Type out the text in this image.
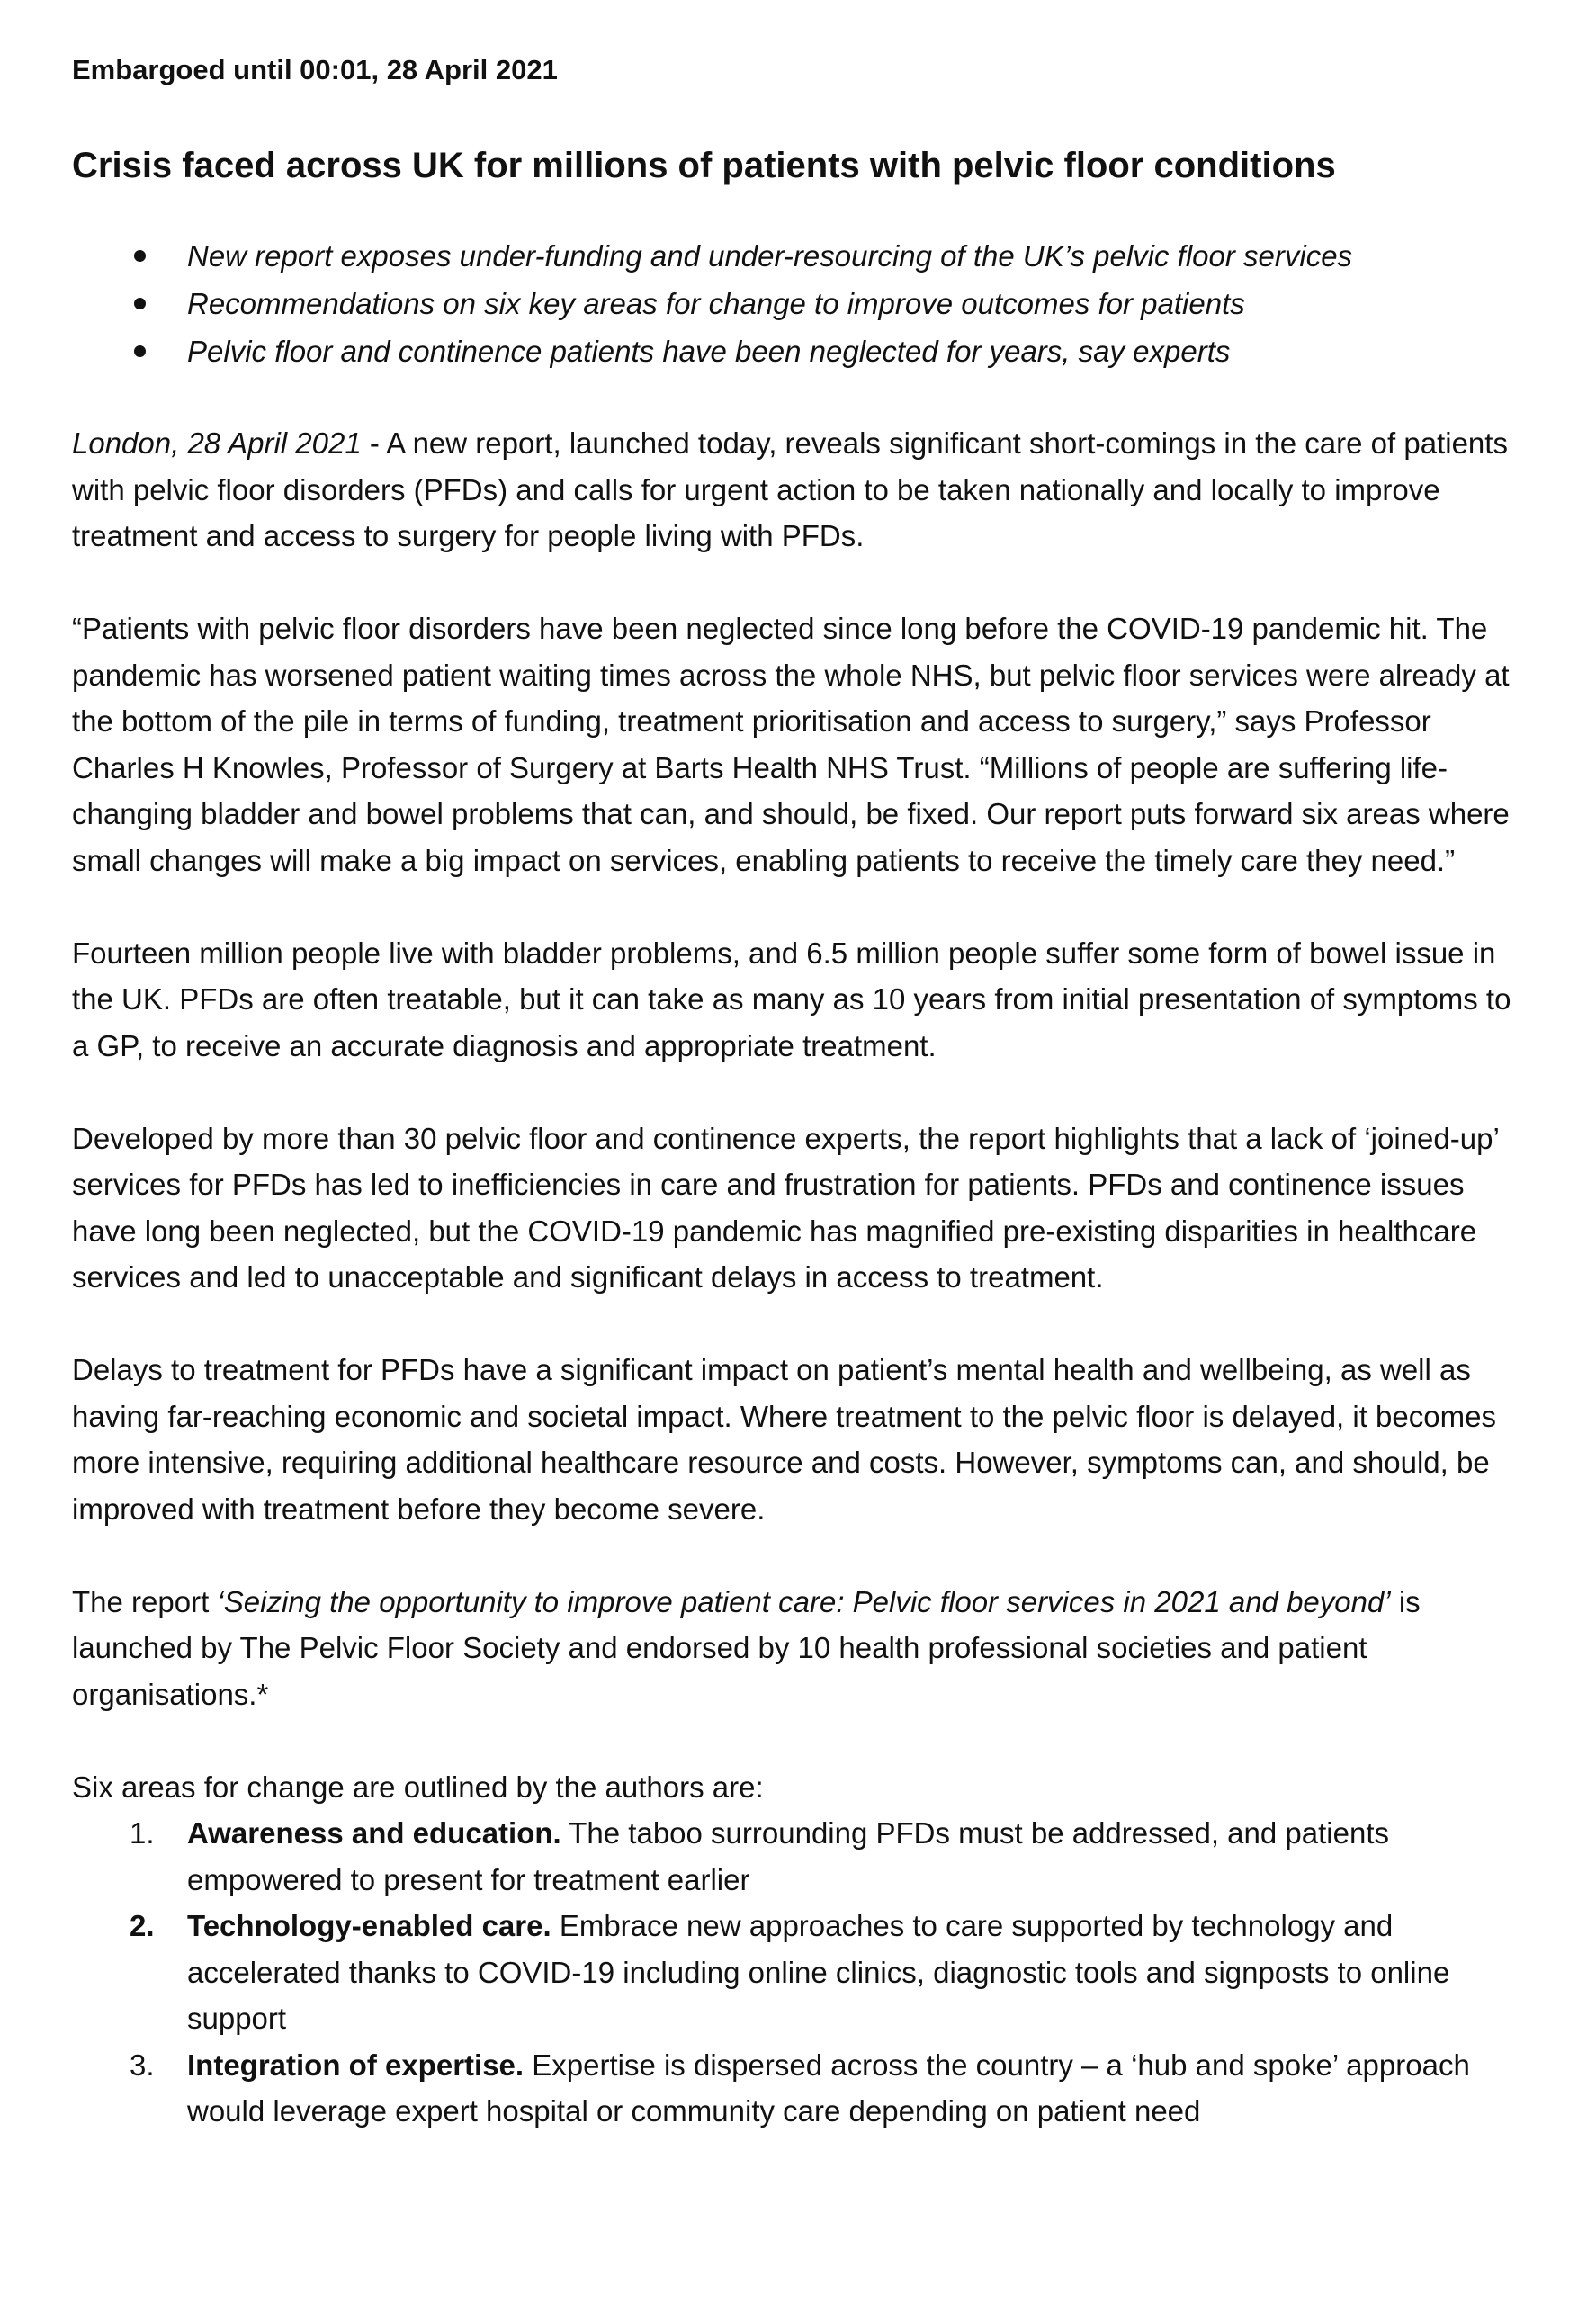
Embargoed until 00:01, 28 April 2021
Crisis faced across UK for millions of patients with pelvic floor conditions
New report exposes under-funding and under-resourcing of the UK’s pelvic floor services
Recommendations on six key areas for change to improve outcomes for patients
Pelvic floor and continence patients have been neglected for years, say experts

London, 28 April 2021 - A new report, launched today, reveals significant short-comings in the care of patients with pelvic floor disorders (PFDs) and calls for urgent action to be taken nationally and locally to improve treatment and access to surgery for people living with PFDs.

“Patients with pelvic floor disorders have been neglected since long before the COVID-19 pandemic hit. The pandemic has worsened patient waiting times across the whole NHS, but pelvic floor services were already at the bottom of the pile in terms of funding, treatment prioritisation and access to surgery,” says Professor Charles H Knowles, Professor of Surgery at Barts Health NHS Trust. “Millions of people are suffering life-changing bladder and bowel problems that can, and should, be fixed. Our report puts forward six areas where small changes will make a big impact on services, enabling patients to receive the timely care they need.”

Fourteen million people live with bladder problems, and 6.5 million people suffer some form of bowel issue in the UK. PFDs are often treatable, but it can take as many as 10 years from initial presentation of symptoms to a GP, to receive an accurate diagnosis and appropriate treatment.

Developed by more than 30 pelvic floor and continence experts, the report highlights that a lack of ‘joined-up’ services for PFDs has led to inefficiencies in care and frustration for patients. PFDs and continence issues have long been neglected, but the COVID-19 pandemic has magnified pre-existing disparities in healthcare services and led to unacceptable and significant delays in access to treatment.

Delays to treatment for PFDs have a significant impact on patient’s mental health and wellbeing, as well as having far-reaching economic and societal impact. Where treatment to the pelvic floor is delayed, it becomes more intensive, requiring additional healthcare resource and costs. However, symptoms can, and should, be improved with treatment before they become severe.

The report ‘Seizing the opportunity to improve patient care: Pelvic floor services in 2021 and beyond’ is launched by The Pelvic Floor Society and endorsed by 10 health professional societies and patient organisations.*

Six areas for change are outlined by the authors are:

1. Awareness and education. The taboo surrounding PFDs must be addressed, and patients empowered to present for treatment earlier
2. Technology-enabled care. Embrace new approaches to care supported by technology and accelerated thanks to COVID-19 including online clinics, diagnostic tools and signposts to online support
3. Integration of expertise. Expertise is dispersed across the country – a ‘hub and spoke’ approach would leverage expert hospital or community care depending on patient need
